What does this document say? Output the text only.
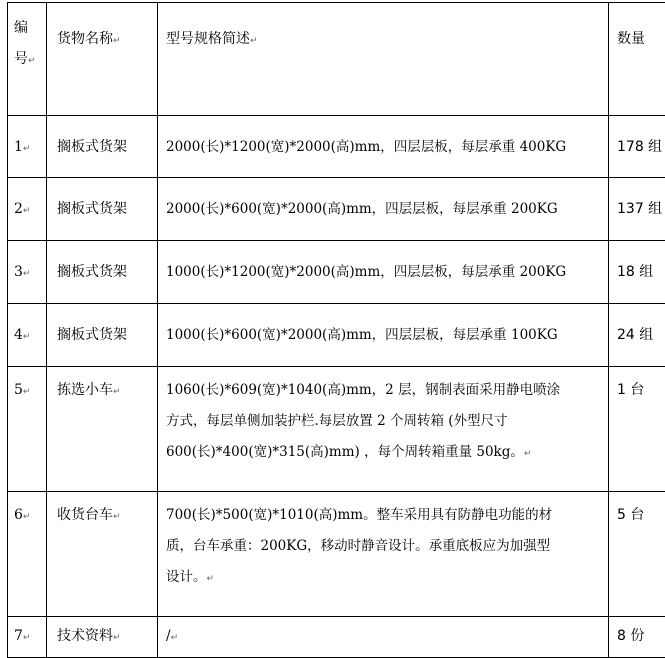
编
号↵	货物名称↵	型号规格简述↵	数量

1↵	搁板式货架	2000(长)*1200(宽)*2000(高)mm，四层层板，每层承重 400KG	178 组

2↵	搁板式货架	2000(长)*600(宽)*2000(高)mm，四层层板，每层承重 200KG	137 组

3↵	搁板式货架	1000(长)*1200(宽)*2000(高)mm，四层层板，每层承重 200KG	18 组

4↵	搁板式货架	1000(长)*600(宽)*2000(高)mm，四层层板，每层承重 100KG	24 组

5↵	拣选小车↵	1060(长)*609(宽)*1040(高)mm，2 层，钢制表面采用静电喷涂
方式，每层单侧加装护栏.每层放置 2 个周转箱 (外型尺寸
600(长)*400(宽)*315(高)mm) ，每个周转箱重量 50kg。↵	1 台

6↵	收货台车↵	700(长)*500(宽)*1010(高)mm。整车采用具有防静电功能的材
质，台车承重：200KG，移动时静音设计。承重底板应为加强型
设计。↵	5 台

7↵	技术资料↵	/↵	8 份
